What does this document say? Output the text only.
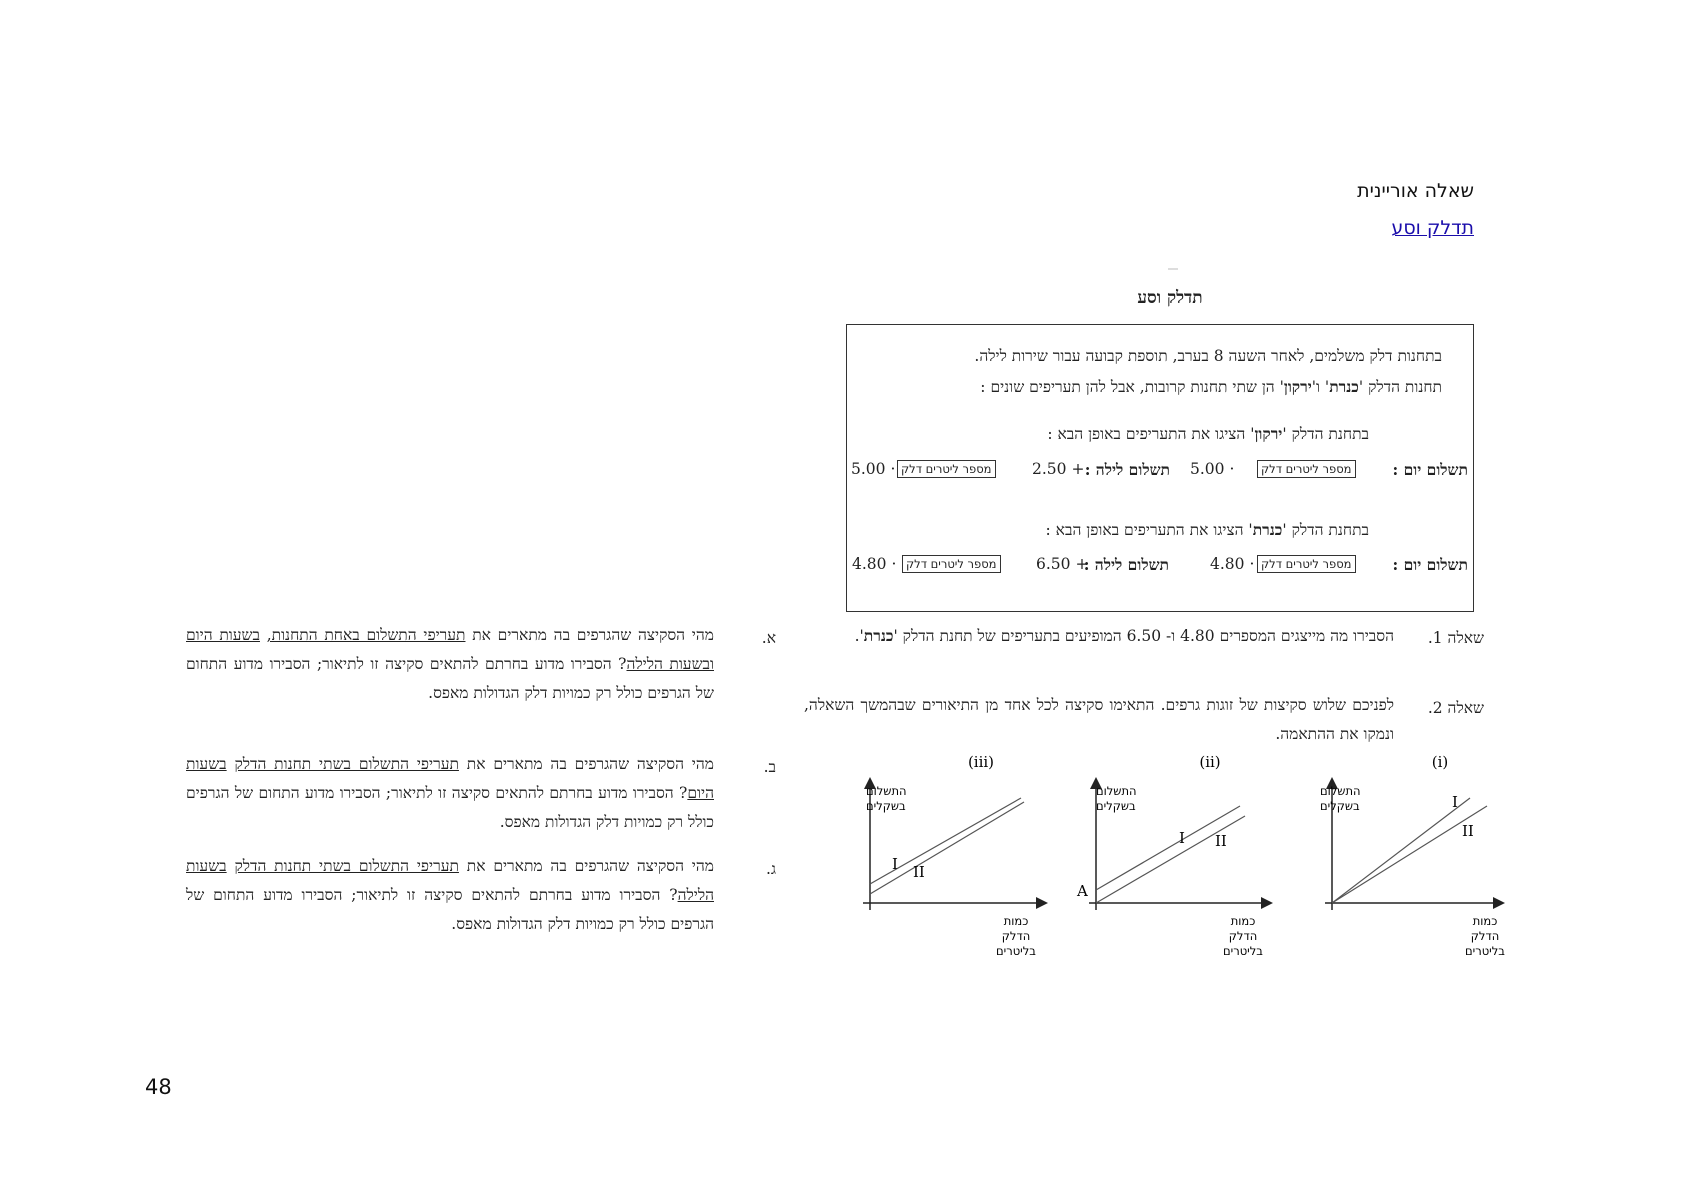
שאלה אוריינית
תדלק וסע
תדלק וסע
בתחנות דלק משלמים, לאחר השעה 8 בערב, תוספת קבועה עבור שירות לילה.
תחנות הדלק 'כנרת' ו'ירקון' הן שתי תחנות קרובות, אבל להן תעריפים שונים :
בתחנת הדלק 'ירקון' הציגו את התעריפים באופן הבא :
תשלום יום :
מספר ליטרים דלק
5.00 ·
תשלום לילה :
2.50 +
מספר ליטרים דלק
5.00 ·
בתחנת הדלק 'כנרת' הציגו את התעריפים באופן הבא :
תשלום יום :
מספר ליטרים דלק
4.80 ·
תשלום לילה :
6.50 +
מספר ליטרים דלק
4.80 ·
שאלה 1.
הסבירו מה מייצגים המספרים 4.80 ו- 6.50 המופיעים בתעריפים של תחנת הדלק 'כנרת'.
שאלה 2.
לפניכם שלוש סקיצות של זוגות גרפים. התאימו סקיצה לכל אחד מן התיאורים שבהמשך השאלה, ונמקו את ההתאמה.
(i)
I
II
התשלום
בשקלים
כמות
הדלק
בליטרים
(ii)
I II
A
התשלום
בשקלים
כמות
הדלק
בליטרים
(iii)
I II
התשלום
בשקלים
כמות
הדלק
בליטרים
א.
מהי הסקיצה שהגרפים בה מתארים את תעריפי התשלום באחת התחנות, בשעות היום ובשעות הלילה? הסבירו מדוע בחרתם להתאים סקיצה זו לתיאור; הסבירו מדוע התחום של הגרפים כולל רק כמויות דלק הגדולות מאפס.
ב.
מהי הסקיצה שהגרפים בה מתארים את תעריפי התשלום בשתי תחנות הדלק בשעות היום? הסבירו מדוע בחרתם להתאים סקיצה זו לתיאור; הסבירו מדוע התחום של הגרפים כולל רק כמויות דלק הגדולות מאפס.
ג.
מהי הסקיצה שהגרפים בה מתארים את תעריפי התשלום בשתי תחנות הדלק בשעות הלילה? הסבירו מדוע בחרתם להתאים סקיצה זו לתיאור; הסבירו מדוע התחום של הגרפים כולל רק כמויות דלק הגדולות מאפס.
48
